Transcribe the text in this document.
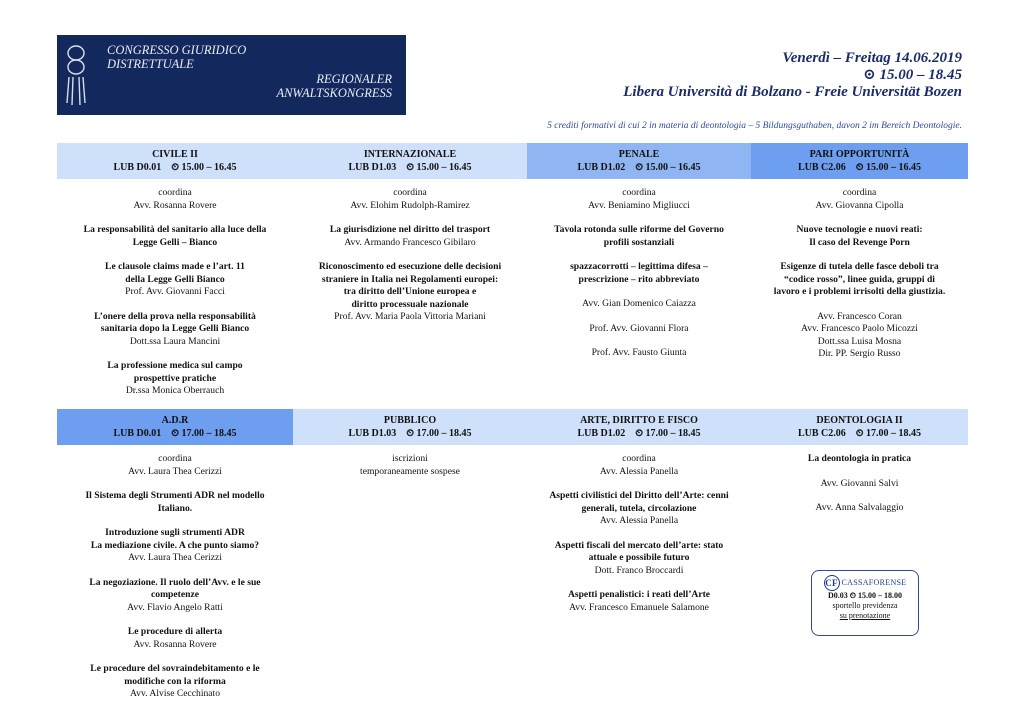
CONGRESSO GIURIDICO
DISTRETTUALE
REGIONALER
ANWALTSKONGRESS
Venerdì – Freitag 14.06.2019
⊙ 15.00 – 18.45
Libera Università di Bolzano - Freie Universität Bozen
5 crediti formativi di cui 2 in materia di deontologia – 5 Bildungsguthaben, davon 2 im Bereich Deontologie.
CIVILE II
LUB D0.01 ⏲ 15.00 – 16.45
coordina
Avv. Rosanna Rovere
La responsabilità del sanitario alla luce della
Legge Gelli – Bianco
Le clausole claims made e l’art. 11
della Legge Gelli Bianco
Prof. Avv. Giovanni Facci
L’onere della prova nella responsabilità
sanitaria dopo la Legge Gelli Bianco
Dott.ssa Laura Mancini
La professione medica sul campo
prospettive pratiche
Dr.ssa Monica Oberrauch
INTERNAZIONALE
LUB D1.03 ⏲ 15.00 – 16.45
coordina
Avv. Elohim Rudolph-Ramirez
La giurisdizione nel diritto del trasport
Avv. Armando Francesco Gibilaro
Riconoscimento ed esecuzione delle decisioni
straniere in Italia nei Regolamenti europei:
tra diritto dell’Unione europea e
diritto processuale nazionale
Prof. Avv. Maria Paola Vittoria Mariani
PENALE
LUB D1.02 ⏲ 15.00 – 16.45
coordina
Avv. Beniamino Migliucci
Tavola rotonda sulle riforme del Governo
profili sostanziali
spazzacorrotti – legittima difesa –
prescrizione – rito abbreviato
Avv. Gian Domenico Caiazza
Prof. Avv. Giovanni Flora
Prof. Avv. Fausto Giunta
PARI OPPORTUNITÀ
LUB C2.06 ⏲ 15.00 – 16.45
coordina
Avv. Giovanna Cipolla
Nuove tecnologie e nuovi reati:
Il caso del Revenge Porn
Esigenze di tutela delle fasce deboli tra
“codice rosso”, linee guida, gruppi di
lavoro e i problemi irrisolti della giustizia.
Avv. Francesco Coran
Avv. Francesco Paolo Micozzi
Dott.ssa Luisa Mosna
Dir. PP. Sergio Russo
A.D.R
LUB D0.01 ⏲ 17.00 – 18.45
coordina
Avv. Laura Thea Cerizzi
Il Sistema degli Strumenti ADR nel modello
Italiano.
Introduzione sugli strumenti ADR
La mediazione civile. A che punto siamo?
Avv. Laura Thea Cerizzi
La negoziazione. Il ruolo dell’Avv. e le sue
competenze
Avv. Flavio Angelo Ratti
Le procedure di allerta
Avv. Rosanna Rovere
Le procedure del sovraindebitamento e le
modifiche con la riforma
Avv. Alvise Cecchinato
PUBBLICO
LUB D1.03 ⏲ 17.00 – 18.45
iscrizioni
temporaneamente sospese
ARTE, DIRITTO E FISCO
LUB D1.02 ⏲ 17.00 – 18.45
coordina
Avv. Alessia Panella
Aspetti civilistici del Diritto dell’Arte: cenni
generali, tutela, circolazione
Avv. Alessia Panella
Aspetti fiscali del mercato dell’arte: stato
attuale e possibile futuro
Dott. Franco Broccardi
Aspetti penalistici: i reati dell’Arte
Avv. Francesco Emanuele Salamone
DEONTOLOGIA II
LUB C2.06 ⏲ 17.00 – 18.45
La deontologia in pratica
Avv. Giovanni Salvi
Avv. Anna Salvalaggio
CF CASSAFORENSE
D0.03 ⏲ 15.00 – 18.00
sportello previdenza
su prenotazione
